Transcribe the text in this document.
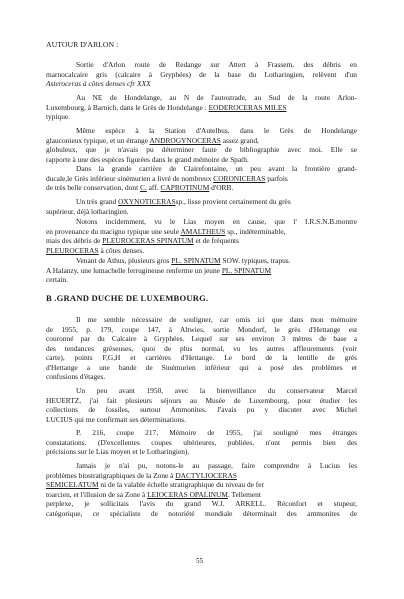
AUTOUR D'ARLON :
Sortie d'Arlon route de Redange sur Attert à Frassem, des débris en
marnocalcaire gris (calcaire à Gryphées) de la base du Lotharingien, relèvent d'un
Asteroceras à côtes denses cfr XXX
Au NE de Hondelange, au N de l'autostrade, au Sud de la route Arlon-
Luxembourg, à Barnich, dans le Grès de Hondelange : EODEROCERAS MILES
typique.
Même espèce à la Station d'Autelbus, dans le Grès de Hondelange
glauconieux typique, et un étrange ANDROGYNOCERAS assez grand,
globuleux, que je n'avais pu déterminer faute de bibliographie avec moi. Elle se
rapporte à une des espèces figurées dans le grand mémoire de Spath.
Dans la grande carrière de Clairefontaine, un peu avant la frontière grand-
ducale,le Grès inférieur sinémurien a livré de nombreux CORONICERAS parfois
de très belle conservation, dont C. aff. CAPROTINUM d'ORB.
Un très grand OXYNOTICERASsp., lisse provient certainement du grès
supérieur, déjà lotharingien.
Notons incidemment, vu le Lias moyen en cause, que l' I.R.S.N.B.montre
en provenance du macigno typique une seule AMALTHEUS sp., indéterminable,
mais des débris de PLEUROCERAS SPINATUM et de fréquents
PLEUROCERAS à côtes denses.
Venant de Athus, plusieurs gros PL. SPINATUM SOW. typiques, trapus.
A Halanzy, une lumachelle ferrugineuse renferme un jeune PL. SPINATUM
certain.
B .GRAND DUCHE DE LUXEMBOURG.
Il me semble nécessaire de souligner, car omis ici que dans mon mémoire
de 1955, p. 179, coupe 147, à Altwies, sortie Mondorf, le grès d'Hettange est
couronné par du Calcaire à Gryphées. Lequel sur ses environ 3 mètres de base a
des tendances gréseuses, quoi de plus normal, vu les autres affleurements (voir
carte), points F,G,H et carrières d'Hettange. Le bord de la lentille de grès
d'Hettange a une bande de Sinémurien inférieur qui a posé des problèmes et
confusions d'étages.
Un peu avant 1950, avec la bienveillance du conservateur Marcel
HEUERTZ, j'ai fait plusieurs séjours au Musée de Luxembourg, pour étudier les
collections de fossiles, surtout Ammonites. J'avais pu y discuter avec Michel
LUCIUS qui me confirmait ses déterminations.
P. 216, coupe 217, Mémoire de 1955, j'ai souligné mes étranges
constatations. (D'excellentes coupes ultérieures, publiées, n'ont permis bien des
précisions sur le Lias moyen et le Lotharingien).
Jamais je n'ai pu, notons-le au passage, faire comprendre à Lucius les
problèmes biostratigraphiques de la Zone à DACTYLIOCERAS
SEMICELATUM ni de la valable échelle stratigraphique du niveau de fer
toarcien, et l'illusion de sa Zone à LEIOCERAS OPALINUM. Tellement
perplexe, je sollicitais l'avis du grand W.J. ARKELL. Réconfort et stupeur,
catégorique, ce spécialiste de notoriété mondiale déterminait des ammonites de
55
